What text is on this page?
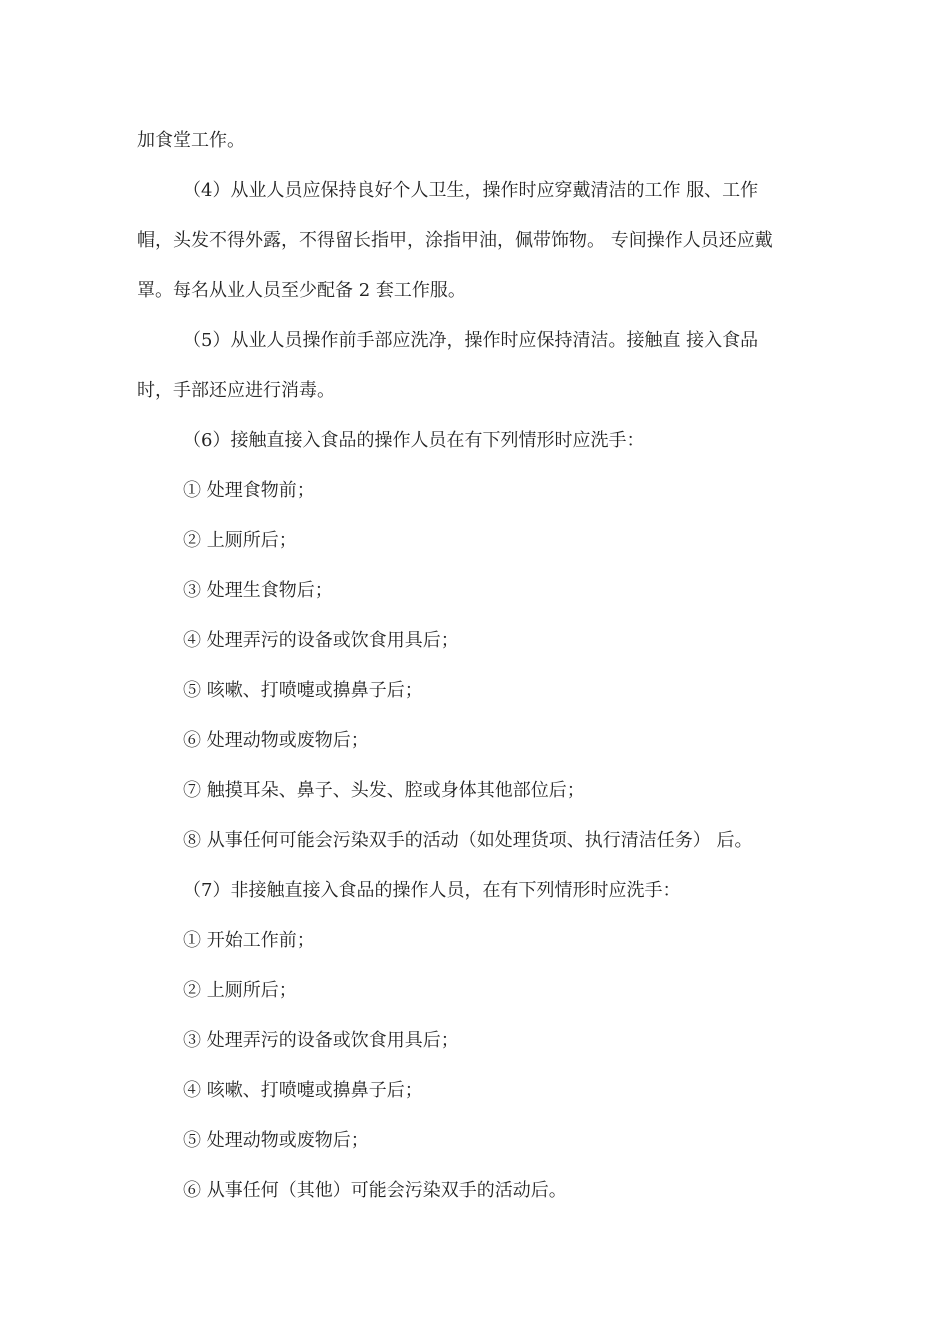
加食堂工作。

（4）从业人员应保持良好个人卫生，操作时应穿戴清洁的工作 服、工作

帽，头发不得外露，不得留长指甲，涂指甲油，佩带饰物。 专间操作人员还应戴

罩。每名从业人员至少配备 2 套工作服。

（5）从业人员操作前手部应洗净，操作时应保持清洁。接触直 接入食品

时，手部还应进行消毒。

（6）接触直接入食品的操作人员在有下列情形时应洗手：

① 处理食物前；

② 上厕所后；

③ 处理生食物后；

④ 处理弄污的设备或饮食用具后；

⑤ 咳嗽、打喷嚏或擤鼻子后；

⑥ 处理动物或废物后；

⑦ 触摸耳朵、鼻子、头发、腔或身体其他部位后；

⑧ 从事任何可能会污染双手的活动（如处理货项、执行清洁任务） 后。

（7）非接触直接入食品的操作人员，在有下列情形时应洗手：

① 开始工作前；

② 上厕所后；

③ 处理弄污的设备或饮食用具后；

④ 咳嗽、打喷嚏或擤鼻子后；

⑤ 处理动物或废物后；

⑥ 从事任何（其他）可能会污染双手的活动后。
